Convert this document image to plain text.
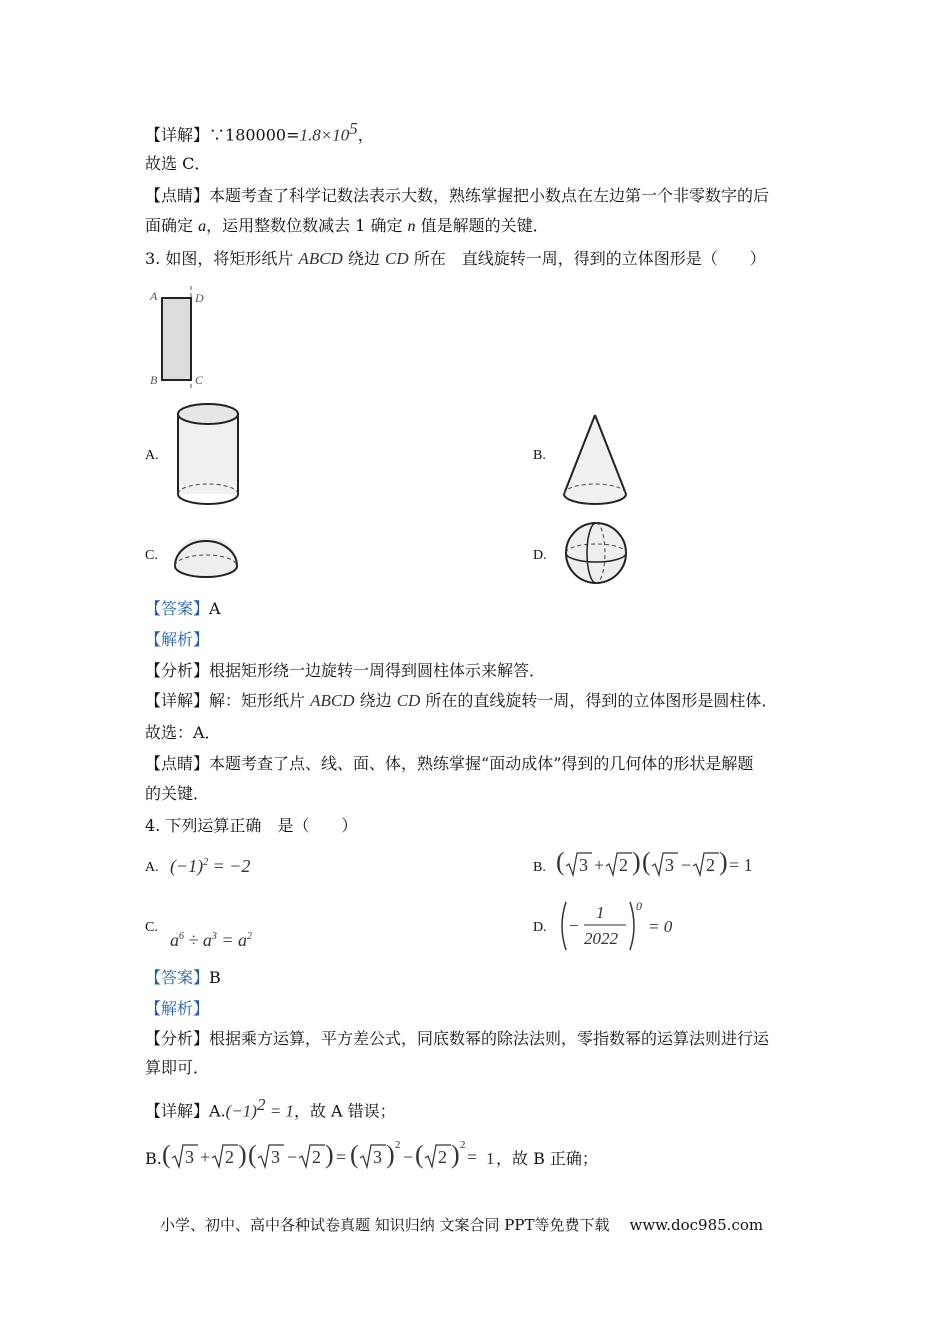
【详解】$\because 180000=1.8\times 10^5$，
故选 C．
【点睛】本题考查了科学记数法表示大数，熟练掌握把小数点在左边第一个非零数字的后
面确定 a，运用整数位数减去 1 确定 n 值是解题的关键．
3. 如图，将矩形纸片 ABCD 绕边 CD 所在　直线旋转一周，得到的立体图形是（　　）
A	D
B	C
A.	B.
C.	D.
【答案】A
【解析】
【分析】根据矩形绕一边旋转一周得到圆柱体示来解答．
【详解】解：矩形纸片 ABCD 绕边 CD 所在的直线旋转一周，得到的立体图形是圆柱体．
故选：A．
【点睛】本题考查了点、线、面、体，熟练掌握“面动成体”得到的几何体的形状是解题
的关键．
4. 下列运算正确　是（　　）
A. $(-1)^2 = -2$	B. ( 3 + 2 ) ( 3 − 2 ) = 1
C.
$a^6 \div a^3 = a^2$
D. −
1
2022
0
= 0
【答案】B
【解析】
【分析】根据乘方运算，平方差公式，同底数幂的除法法则，零指数幂的运算法则进行运
算即可．
【详解】$A.(-1)^2 = 1$，故 A 错误；
B. ( 3 + 2 ) ( 3 − 2 ) = ( 3 ) 2
− ( 2 ) 2
= 1 ，故 B 正确；
小学、初中、高中各种试卷真题 知识归纳 文案合同 PPT等免费下载 www.doc985.com
